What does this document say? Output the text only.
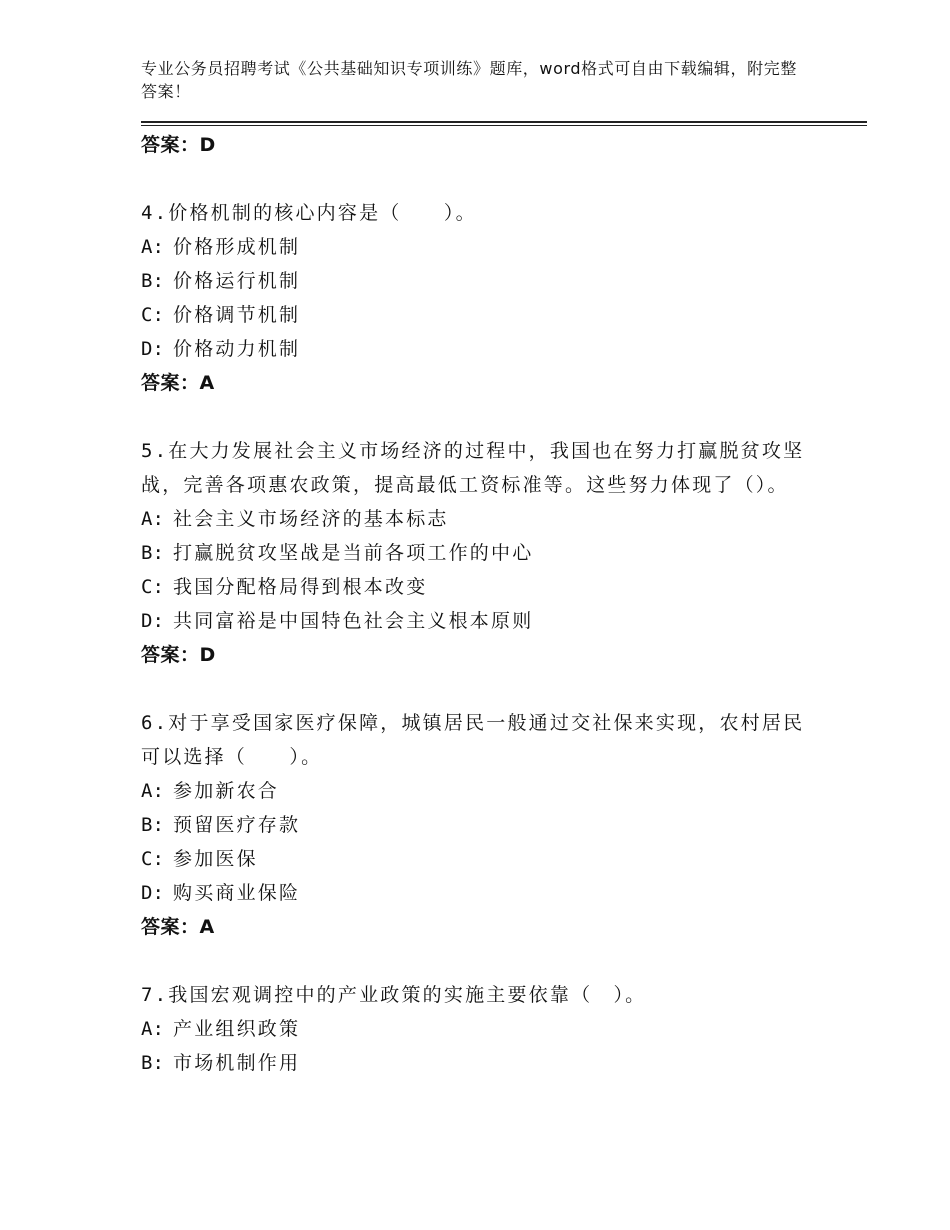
专业公务员招聘考试《公共基础知识专项训练》题库，word格式可自由下载编辑，附完整答案！
答案：D
4.价格机制的核心内容是（　　）。
A: 价格形成机制
B: 价格运行机制
C: 价格调节机制
D: 价格动力机制
答案：A
5.在大力发展社会主义市场经济的过程中，我国也在努力打赢脱贫攻坚战，完善各项惠农政策，提高最低工资标准等。这些努力体现了（）。
A: 社会主义市场经济的基本标志
B: 打赢脱贫攻坚战是当前各项工作的中心
C: 我国分配格局得到根本改变
D: 共同富裕是中国特色社会主义根本原则
答案：D
6.对于享受国家医疗保障，城镇居民一般通过交社保来实现，农村居民可以选择（　　）。
A: 参加新农合
B: 预留医疗存款
C: 参加医保
D: 购买商业保险
答案：A
7.我国宏观调控中的产业政策的实施主要依靠（　）。
A: 产业组织政策
B: 市场机制作用
